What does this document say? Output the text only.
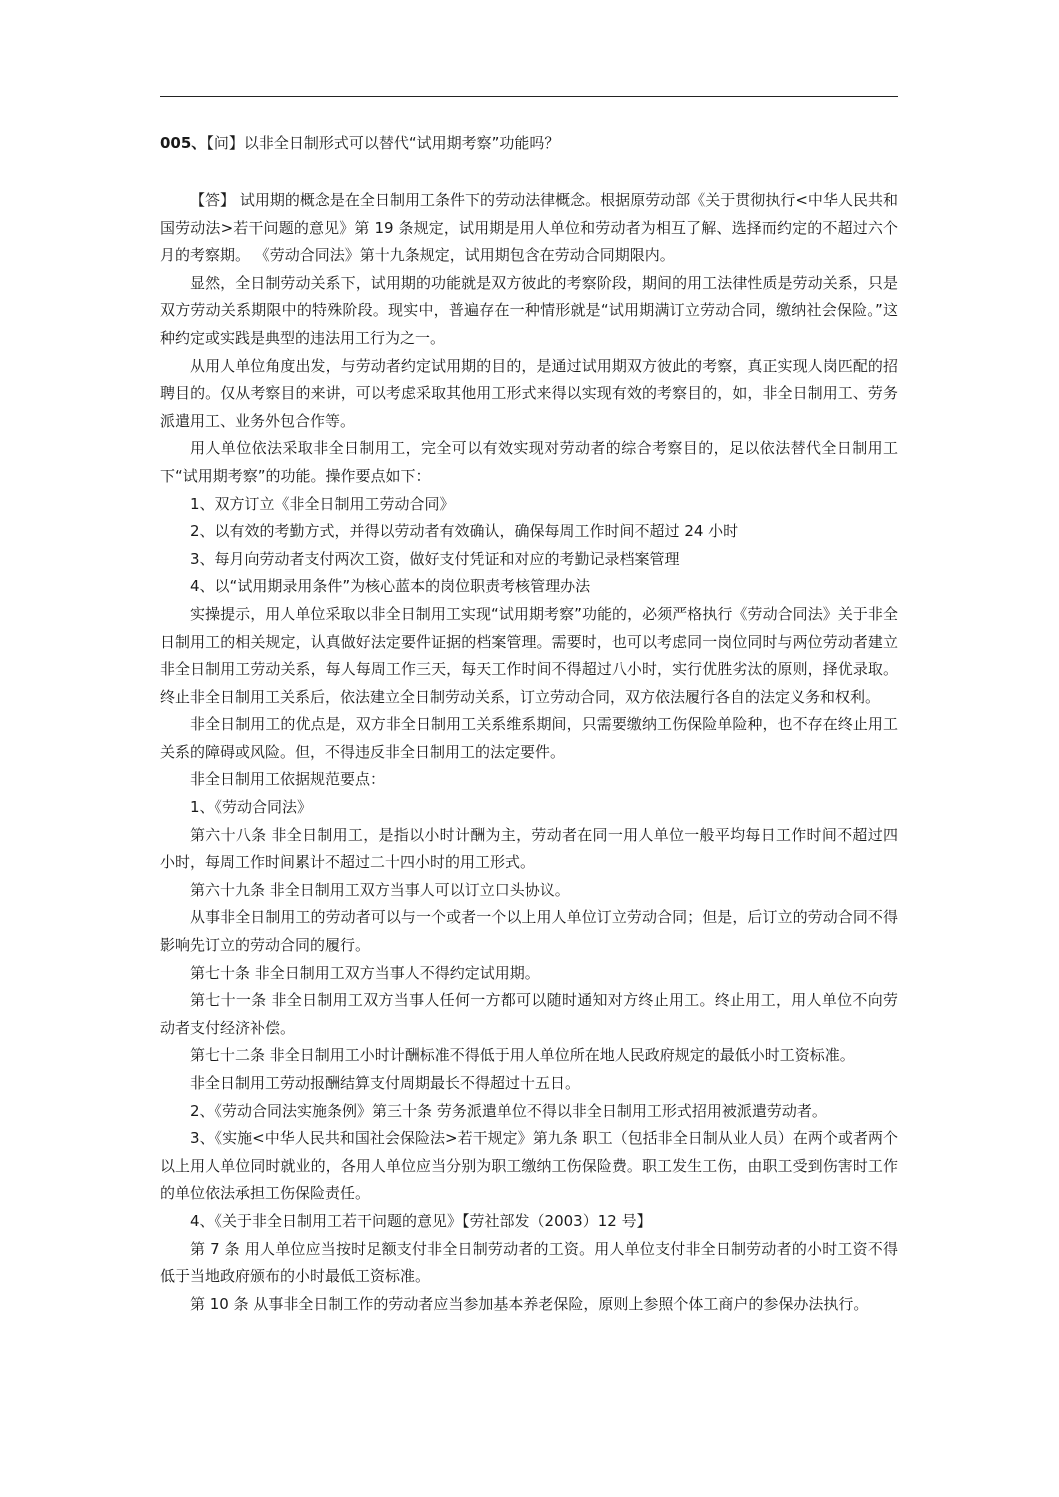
005、【问】以非全日制形式可以替代“试用期考察”功能吗？

【答】 试用期的概念是在全日制用工条件下的劳动法律概念。根据原劳动部《关于贯彻执行<中华人民共和国劳动法>若干问题的意见》第 19 条规定，试用期是用人单位和劳动者为相互了解、选择而约定的不超过六个月的考察期。 《劳动合同法》第十九条规定，试用期包含在劳动合同期限内。

显然，全日制劳动关系下，试用期的功能就是双方彼此的考察阶段，期间的用工法律性质是劳动关系，只是双方劳动关系期限中的特殊阶段。现实中，普遍存在一种情形就是“试用期满订立劳动合同，缴纳社会保险。”这种约定或实践是典型的违法用工行为之一。

从用人单位角度出发，与劳动者约定试用期的目的，是通过试用期双方彼此的考察，真正实现人岗匹配的招聘目的。仅从考察目的来讲，可以考虑采取其他用工形式来得以实现有效的考察目的，如，非全日制用工、劳务派遣用工、业务外包合作等。

用人单位依法采取非全日制用工，完全可以有效实现对劳动者的综合考察目的，足以依法替代全日制用工下“试用期考察”的功能。操作要点如下：

1、双方订立《非全日制用工劳动合同》

2、以有效的考勤方式，并得以劳动者有效确认，确保每周工作时间不超过 24 小时

3、每月向劳动者支付两次工资，做好支付凭证和对应的考勤记录档案管理

4、以“试用期录用条件”为核心蓝本的岗位职责考核管理办法

实操提示，用人单位采取以非全日制用工实现“试用期考察”功能的，必须严格执行《劳动合同法》关于非全日制用工的相关规定，认真做好法定要件证据的档案管理。需要时，也可以考虑同一岗位同时与两位劳动者建立非全日制用工劳动关系，每人每周工作三天，每天工作时间不得超过八小时，实行优胜劣汰的原则，择优录取。终止非全日制用工关系后，依法建立全日制劳动关系，订立劳动合同，双方依法履行各自的法定义务和权利。

非全日制用工的优点是，双方非全日制用工关系维系期间，只需要缴纳工伤保险单险种，也不存在终止用工关系的障碍或风险。但，不得违反非全日制用工的法定要件。

非全日制用工依据规范要点：

1、《劳动合同法》

第六十八条 非全日制用工，是指以小时计酬为主，劳动者在同一用人单位一般平均每日工作时间不超过四小时，每周工作时间累计不超过二十四小时的用工形式。

第六十九条 非全日制用工双方当事人可以订立口头协议。

从事非全日制用工的劳动者可以与一个或者一个以上用人单位订立劳动合同；但是，后订立的劳动合同不得影响先订立的劳动合同的履行。

第七十条 非全日制用工双方当事人不得约定试用期。

第七十一条 非全日制用工双方当事人任何一方都可以随时通知对方终止用工。终止用工，用人单位不向劳动者支付经济补偿。

第七十二条 非全日制用工小时计酬标准不得低于用人单位所在地人民政府规定的最低小时工资标准。

非全日制用工劳动报酬结算支付周期最长不得超过十五日。

2、《劳动合同法实施条例》第三十条 劳务派遣单位不得以非全日制用工形式招用被派遣劳动者。

3、《实施<中华人民共和国社会保险法>若干规定》第九条 职工（包括非全日制从业人员）在两个或者两个以上用人单位同时就业的，各用人单位应当分别为职工缴纳工伤保险费。职工发生工伤，由职工受到伤害时工作的单位依法承担工伤保险责任。

4、《关于非全日制用工若干问题的意见》【劳社部发（2003）12 号】

第 7 条 用人单位应当按时足额支付非全日制劳动者的工资。用人单位支付非全日制劳动者的小时工资不得低于当地政府颁布的小时最低工资标准。

第 10 条 从事非全日制工作的劳动者应当参加基本养老保险，原则上参照个体工商户的参保办法执行。
